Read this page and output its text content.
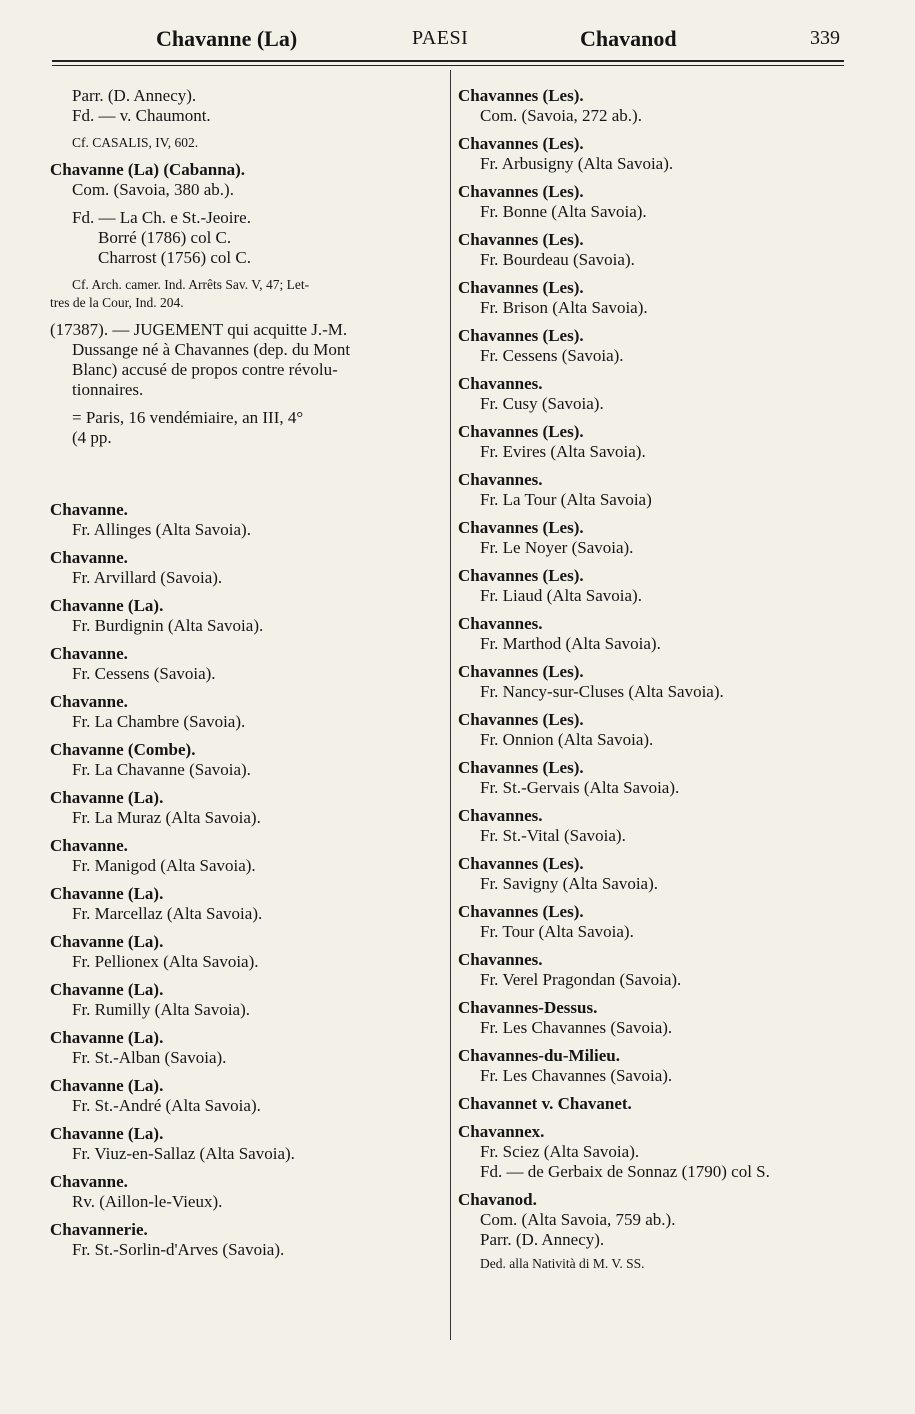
Chavanne (La)	PAESI	Chavanod	339
Parr. (D. Annecy).
Fd. — v. Chaumont.
Cf. CASALIS, IV, 602.
Chavanne (La) (Cabanna).
Com. (Savoia, 380 ab.).
Fd. — La Ch. e St.-Jeoire.
Borré (1786) col C.
Charrost (1756) col C.
Cf. Arch. camer. Ind. Arrêts Sav. V, 47; Let-
tres de la Cour, Ind. 204.
(17387). — JUGEMENT qui acquitte J.-M.
Dussange né à Chavannes (dep. du Mont
Blanc) accusé de propos contre révolu-
tionnaires.
= Paris, 16 vendémiaire, an III, 4°
(4 pp.
Chavanne.
Fr. Allinges (Alta Savoia).
Chavanne.
Fr. Arvillard (Savoia).
Chavanne (La).
Fr. Burdignin (Alta Savoia).
Chavanne.
Fr. Cessens (Savoia).
Chavanne.
Fr. La Chambre (Savoia).
Chavanne (Combe).
Fr. La Chavanne (Savoia).
Chavanne (La).
Fr. La Muraz (Alta Savoia).
Chavanne.
Fr. Manigod (Alta Savoia).
Chavanne (La).
Fr. Marcellaz (Alta Savoia).
Chavanne (La).
Fr. Pellionex (Alta Savoia).
Chavanne (La).
Fr. Rumilly (Alta Savoia).
Chavanne (La).
Fr. St.-Alban (Savoia).
Chavanne (La).
Fr. St.-André (Alta Savoia).
Chavanne (La).
Fr. Viuz-en-Sallaz (Alta Savoia).
Chavanne.
Rv. (Aillon-le-Vieux).
Chavannerie.
Fr. St.-Sorlin-d'Arves (Savoia).
Chavannes (Les).
Com. (Savoia, 272 ab.).
Chavannes (Les).
Fr. Arbusigny (Alta Savoia).
Chavannes (Les).
Fr. Bonne (Alta Savoia).
Chavannes (Les).
Fr. Bourdeau (Savoia).
Chavannes (Les).
Fr. Brison (Alta Savoia).
Chavannes (Les).
Fr. Cessens (Savoia).
Chavannes.
Fr. Cusy (Savoia).
Chavannes (Les).
Fr. Evires (Alta Savoia).
Chavannes.
Fr. La Tour (Alta Savoia)
Chavannes (Les).
Fr. Le Noyer (Savoia).
Chavannes (Les).
Fr. Liaud (Alta Savoia).
Chavannes.
Fr. Marthod (Alta Savoia).
Chavannes (Les).
Fr. Nancy-sur-Cluses (Alta Savoia).
Chavannes (Les).
Fr. Onnion (Alta Savoia).
Chavannes (Les).
Fr. St.-Gervais (Alta Savoia).
Chavannes.
Fr. St.-Vital (Savoia).
Chavannes (Les).
Fr. Savigny (Alta Savoia).
Chavannes (Les).
Fr. Tour (Alta Savoia).
Chavannes.
Fr. Verel Pragondan (Savoia).
Chavannes-Dessus.
Fr. Les Chavannes (Savoia).
Chavannes-du-Milieu.
Fr. Les Chavannes (Savoia).
Chavannet v. Chavanet.
Chavannex.
Fr. Sciez (Alta Savoia).
Fd. — de Gerbaix de Sonnaz (1790) col S.
Chavanod.
Com. (Alta Savoia, 759 ab.).
Parr. (D. Annecy).
Ded. alla Natività di M. V. SS.
